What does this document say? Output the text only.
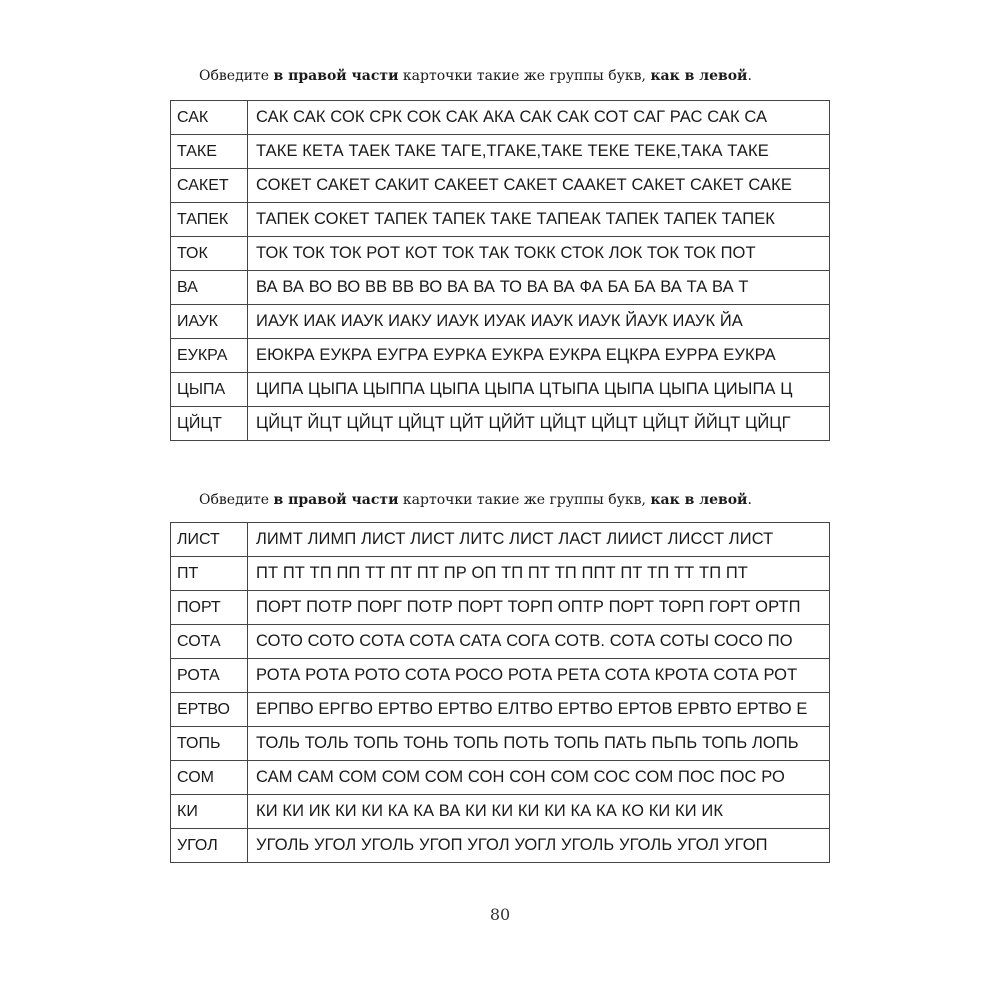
Обведите в правой части карточки такие же группы букв, как в левой.
САК	САК САК СОК СРК СОК САК АКА САК САК СОТ САГ РАС САК СА
ТАКЕ	ТАКЕ КЕТА ТАЕК ТАКЕ ТАГЕ,ТГАКЕ,ТАКЕ ТЕКЕ ТЕКЕ,ТАКА ТАКЕ
САКЕТ	СОКЕТ САКЕТ САКИТ САКЕЕТ САКЕТ СААКЕТ САКЕТ САКЕТ САКЕ
ТАПЕК	ТАПЕК СОКЕТ ТАПЕК ТАПЕК ТАКЕ ТАПЕАК ТАПЕК ТАПЕК ТАПЕК
ТОК	ТОК ТОК ТОК РОТ КОТ ТОК ТАК ТОКК СТОК ЛОК ТОК ТОК ПОТ
ВА	ВА ВА ВО ВО ВВ ВВ ВО ВА ВА ТО ВА ВА ФА БА БА ВА ТА ВА Т
ИАУК	ИАУК ИАК ИАУК ИАКУ ИАУК ИУАК ИАУК ИАУК ЙАУК ИАУК ЙА
ЕУКРА	ЕЮКРА ЕУКРА ЕУГРА ЕУРКА ЕУКРА ЕУКРА ЕЦКРА ЕУРРА ЕУКРА
ЦЫПА	ЦИПА ЦЫПА ЦЫППА ЦЫПА ЦЫПА ЦТЫПА ЦЫПА ЦЫПА ЦИЫПА Ц
ЦЙЦТ	ЦЙЦТ ЙЦТ ЦЙЦТ ЦЙЦТ ЦЙТ ЦЙЙТ ЦЙЦТ ЦЙЦТ ЦЙЦТ ЙЙЦТ ЦЙЦГ
Обведите в правой части карточки такие же группы букв, как в левой.
ЛИСТ	ЛИМТ ЛИМП ЛИСТ ЛИСТ ЛИТС ЛИСТ ЛАСТ ЛИИСТ ЛИССТ ЛИСТ
ПТ	ПТ ПТ ТП ПП ТТ ПТ ПТ ПР ОП ТП ПТ ТП ППТ ПТ ТП ТТ ТП ПТ
ПОРТ	ПОРТ ПОТР ПОРГ ПОТР ПОРТ ТОРП ОПТР ПОРТ ТОРП ГОРТ ОРТП
СОТА	СОТО СОТО СОТА СОТА САТА СОГА СОТВ. СОТА СОТЫ СОСО ПО
РОТА	РОТА РОТА РОТО СОТА РОСО РОТА РЕТА СОТА КРОТА СОТА РОТ
ЕРТВО	ЕРПВО ЕРГВО ЕРТВО ЕРТВО ЕЛТВО ЕРТВО ЕРТОВ ЕРВТО ЕРТВО Е
ТОПЬ	ТОЛЬ ТОЛЬ ТОПЬ ТОНЬ ТОПЬ ПОТЬ ТОПЬ ПАТЬ ПЬПЬ ТОПЬ ЛОПЬ
СОМ	САМ САМ СОМ СОМ СОМ СОН СОН СОМ СОС СОМ ПОС ПОС РО
КИ	КИ КИ ИК КИ КИ КА КА ВА КИ КИ КИ КИ КА КА КО КИ КИ ИК
УГОЛ	УГОЛЬ УГОЛ УГОЛЬ УГОП УГОЛ УОГЛ УГОЛЬ УГОЛЬ УГОЛ УГОП
80
